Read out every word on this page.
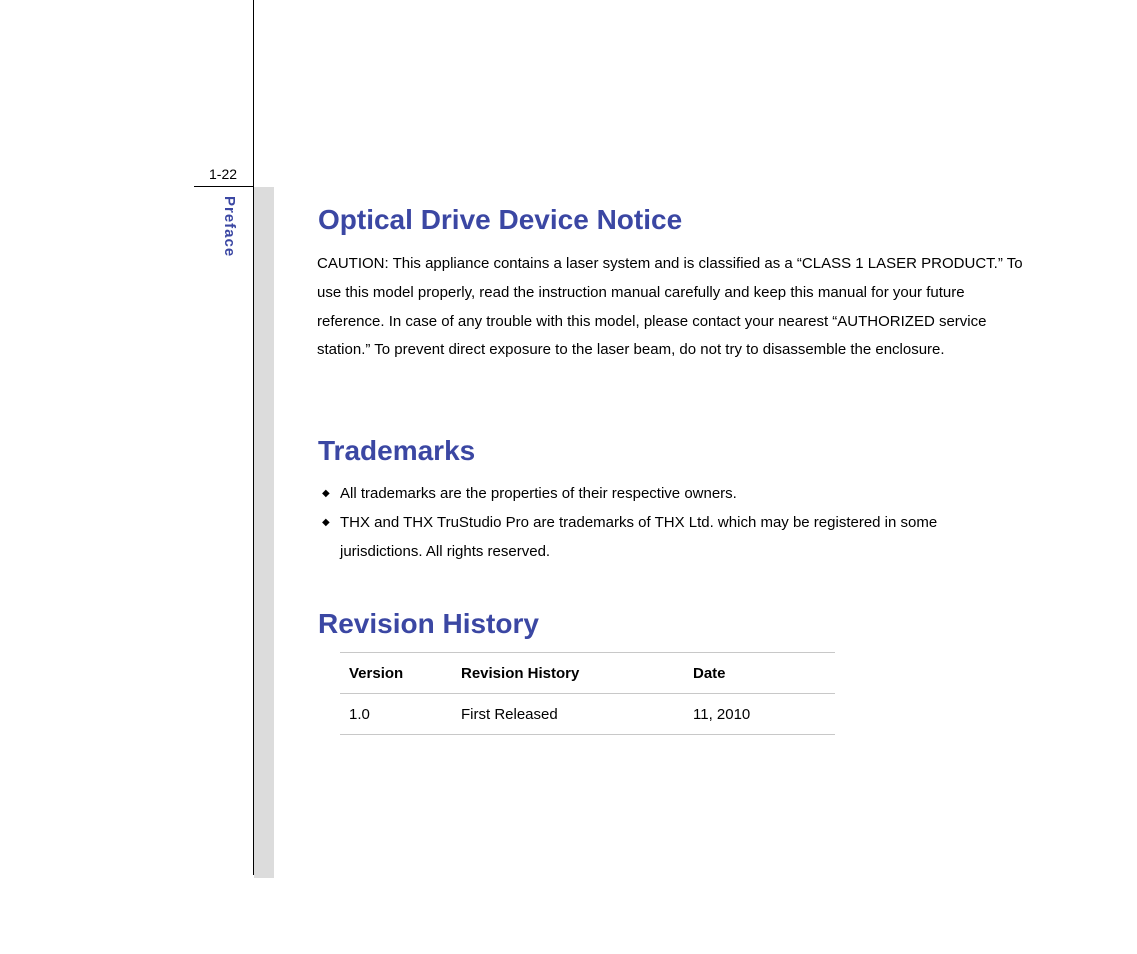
1-22
Preface	Optical Drive Device Notice

CAUTION: This appliance contains a laser system and is classified as a “CLASS 1 LASER PRODUCT.” To use this model properly, read the instruction manual carefully and keep this manual for your future reference. In case of any trouble with this model, please contact your nearest “AUTHORIZED service station.” To prevent direct exposure to the laser beam, do not try to disassemble the enclosure.

Trademarks
◆ All trademarks are the properties of their respective owners.
◆ THX and THX TruStudio Pro are trademarks of THX Ltd. which may be registered in some jurisdictions. All rights reserved.
Revision History
Version	Revision History	Date
1.0	First Released	11, 2010
